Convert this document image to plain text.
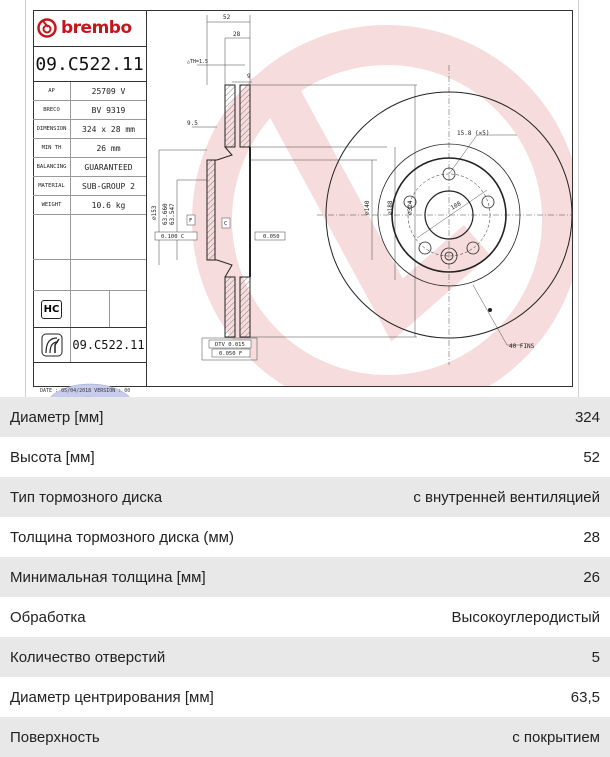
52
28
△TH=1.5
9
9.5
∅153 63.660 63.547	∅140	∅188 ∅324
F	C
0.100 C	0.050
DTV 0.015
0.050 F
15.8 (×5)
108
40 FINS
brembo
09.C522.11
AP	25709 V
BRECO	BV 9319
DIMENSION	324 x 28 mm
MIN TH	26 mm
BALANCING	GUARANTEED
MATERIAL	SUB-GROUP 2
WEIGHT	10.6 kg
HC
09.C522.11
DATE : 05/04/2018 VERSION : 00
Диаметр [мм]	324
Высота [мм]	52
Тип тормозного диска	с внутренней вентиляцией
Толщина тормозного диска (мм)	28
Минимальная толщина [мм]	26
Обработка	Высокоуглеродистый
Количество отверстий	5
Диаметр центрирования [мм]	63,5
Поверхность	с покрытием
